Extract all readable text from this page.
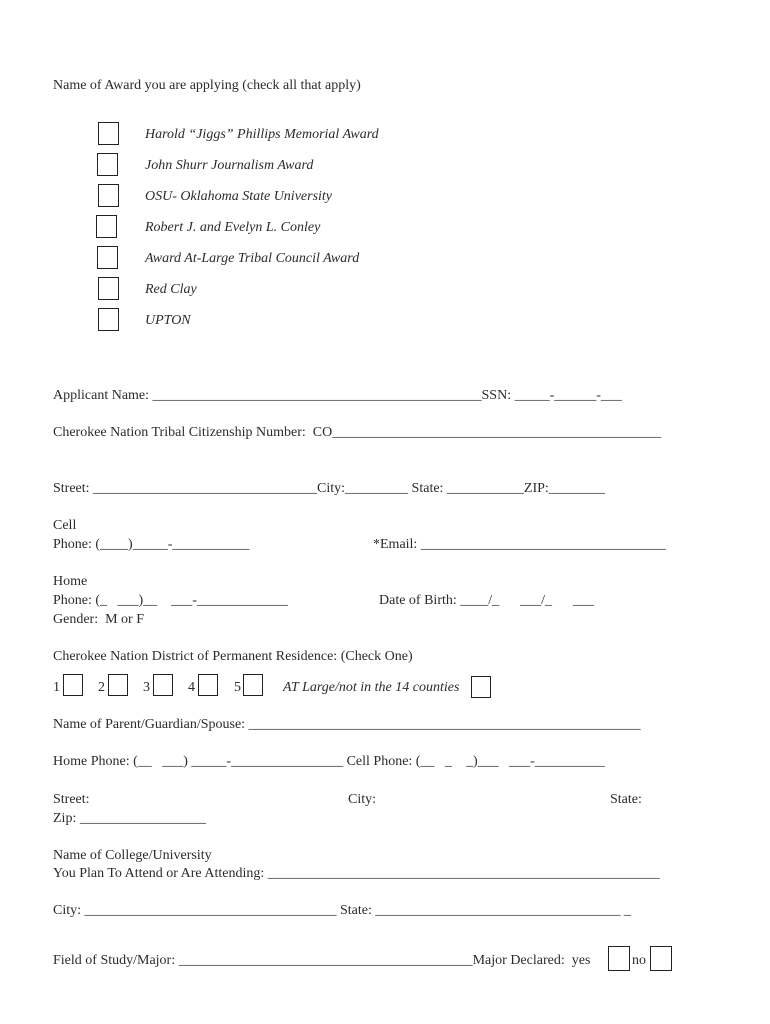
Name of Award you are applying (check all that apply)
Harold “Jiggs” Phillips Memorial Award
John Shurr Journalism Award
OSU- Oklahoma State University
Robert J. and Evelyn L. Conley
Award At-Large Tribal Council Award
Red Clay
UPTON
Applicant Name: _______________________________________________SSN: _____-______-___
Cherokee Nation Tribal Citizenship Number:  CO_______________________________________________
Street: ________________________________City:_________ State: ___________ZIP:________
Cell
Phone: (____)_____-___________	*Email: ___________________________________
Home
Phone: (_   ___)__    ___-_____________	Date of Birth: ____/_      ___/_      ___
Gender:  M or F
Cherokee Nation District of Permanent Residence: (Check One)
1	2	3	4	5	AT Large/not in the 14 counties
Name of Parent/Guardian/Spouse: ________________________________________________________
Home Phone: (__   ___) _____-________________ Cell Phone: (__   _    _)___   ___-__________
Street:	City:	State:
Zip: __________________
Name of College/University
You Plan To Attend or Are Attending: ________________________________________________________
City: ____________________________________ State: ___________________________________ _
Field of Study/Major: __________________________________________Major Declared:  yes	no
